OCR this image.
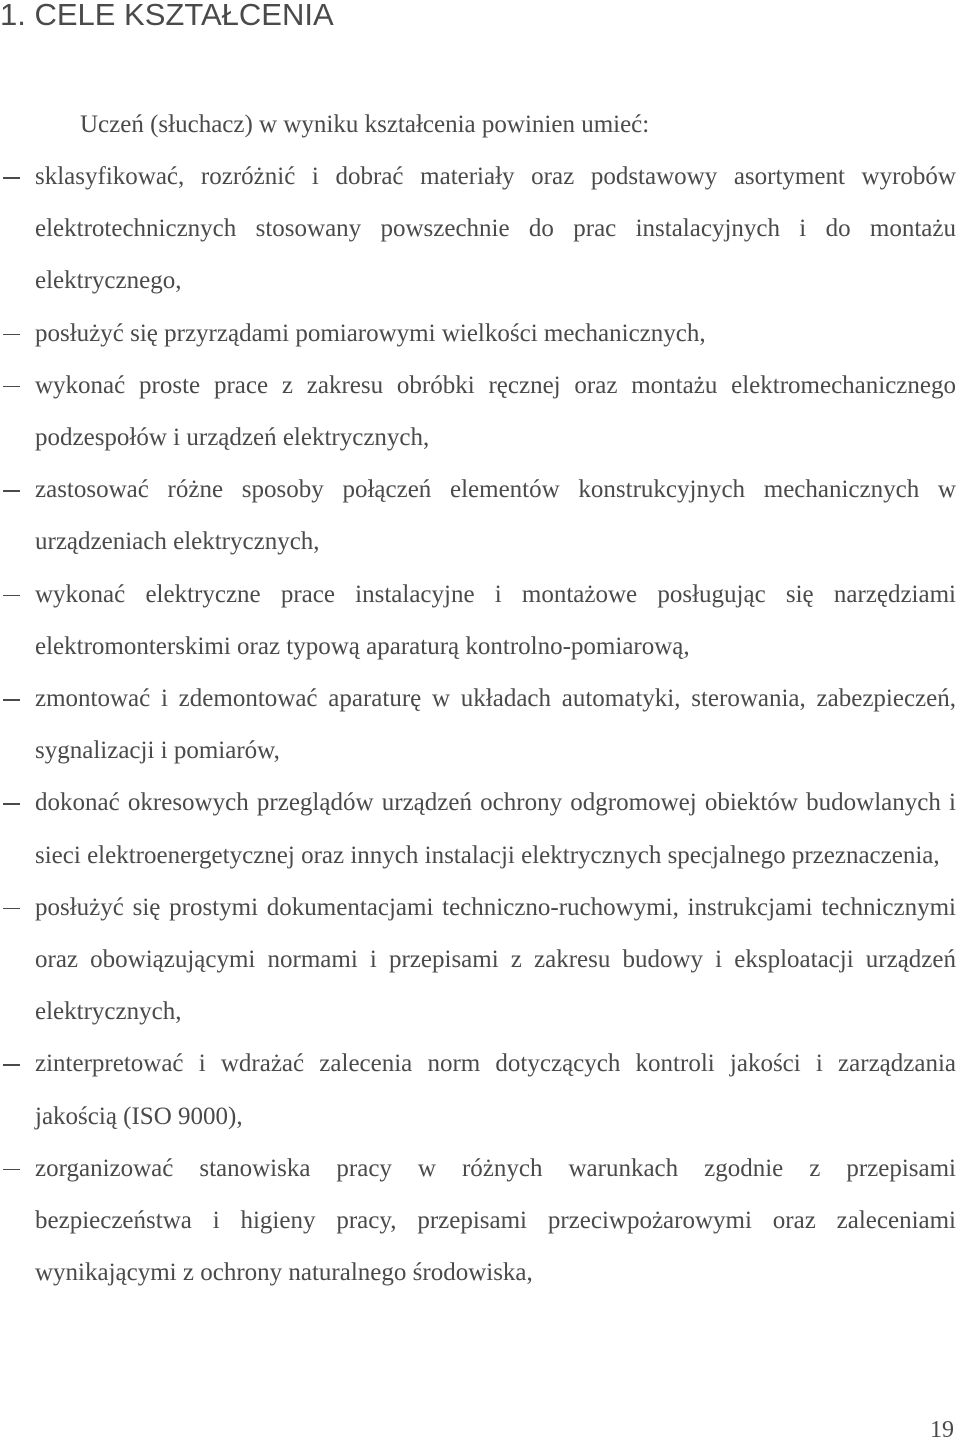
1. CELE KSZTAŁCENIA

Uczeń (słuchacz) w wyniku kształcenia powinien umieć:

sklasyfikować, rozróżnić i dobrać materiały oraz podstawowy asortyment wyrobów elektrotechnicznych stosowany powszechnie do prac instalacyjnych i do montażu elektrycznego,
posłużyć się przyrządami pomiarowymi wielkości mechanicznych,
wykonać proste prace z zakresu obróbki ręcznej oraz montażu elektromechanicznego podzespołów i urządzeń elektrycznych,
zastosować różne sposoby połączeń elementów konstrukcyjnych mechanicznych w urządzeniach elektrycznych,
wykonać elektryczne prace instalacyjne i montażowe posługując się narzędziami elektromonterskimi oraz typową aparaturą kontrolno-pomiarową,
zmontować i zdemontować aparaturę w układach automatyki, sterowania, zabezpieczeń, sygnalizacji i pomiarów,
dokonać okresowych przeglądów urządzeń ochrony odgromowej obiektów budowlanych i sieci elektroenergetycznej oraz innych instalacji elektrycznych specjalnego przeznaczenia,
posłużyć się prostymi dokumentacjami techniczno-ruchowymi, instrukcjami technicznymi oraz obowiązującymi normami i przepisami z zakresu budowy i eksploatacji urządzeń elektrycznych,
zinterpretować i wdrażać zalecenia norm dotyczących kontroli jakości i zarządzania jakością (ISO 9000),
zorganizować stanowiska pracy w różnych warunkach zgodnie z przepisami bezpieczeństwa i higieny pracy, przepisami przeciwpożarowymi oraz zaleceniami wynikającymi z ochrony naturalnego środowiska,

19
